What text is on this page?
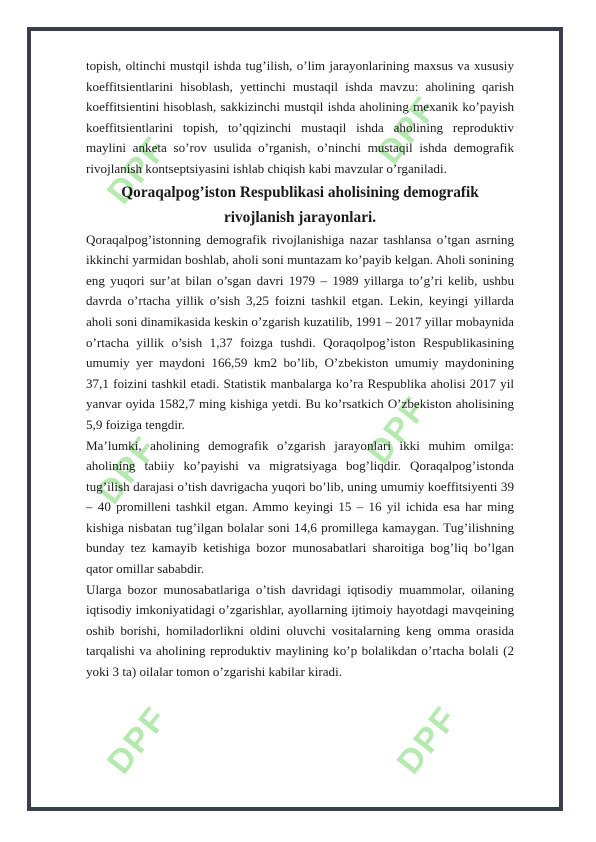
DPF	DPF
DPF	DPF
DPF	DPF

topish, oltinchi mustqil ishda tug’ilish, o’lim jarayonlarining maxsus va xususiy koeffitsientlarini hisoblash, yettinchi mustaqil ishda mavzu: aholining qarish koeffitsientini hisoblash, sakkizinchi mustqil ishda aholining mexanik ko’payish koeffitsientlarini topish, to’qqizinchi mustaqil ishda aholining reproduktiv maylini anketa so’rov usulida o’rganish, o’ninchi mustaqil ishda demografik rivojlanish kontseptsiyasini ishlab chiqish kabi mavzular o’rganiladi.

Qoraqalpog’iston Respublikasi aholisining demografik rivojlanish jarayonlari.

Qoraqalpog’istonning demografik rivojlanishiga nazar tashlansa o’tgan asrning ikkinchi yarmidan boshlab, aholi soni muntazam ko’payib kelgan. Aholi sonining eng yuqori sur’at bilan o’sgan davri 1979 – 1989 yillarga to’g’ri kelib, ushbu davrda o’rtacha yillik o’sish 3,25 foizni tashkil etgan. Lekin, keyingi yillarda aholi soni dinamikasida keskin o’zgarish kuzatilib, 1991 – 2017 yillar mobaynida o’rtacha yillik o’sish 1,37 foizga tushdi. Qoraqolpog’iston Respublikasining umumiy yer maydoni 166,59 km2 bo’lib, O’zbekiston umumiy maydonining 37,1 foizini tashkil etadi. Statistik manbalarga ko’ra Respublika aholisi 2017 yil yanvar oyida 1582,7 ming kishiga yetdi. Bu ko’rsatkich O’zbekiston aholisining 5,9 foiziga tengdir.

Ma’lumki, aholining demografik o’zgarish jarayonlari ikki muhim omilga: aholining tabiiy ko’payishi va migratsiyaga bog’liqdir. Qoraqalpog’istonda tug’ilish darajasi o’tish davrigacha yuqori bo’lib, uning umumiy koeffitsiyenti 39 – 40 promilleni tashkil etgan. Ammo keyingi 15 – 16 yil ichida esa har ming kishiga nisbatan tug’ilgan bolalar soni 14,6 promillega kamaygan. Tug’ilishning bunday tez kamayib ketishiga bozor munosabatlari sharoitiga bog’liq bo’lgan qator omillar sababdir.

Ularga bozor munosabatlariga o’tish davridagi iqtisodiy muammolar, oilaning iqtisodiy imkoniyatidagi o’zgarishlar, ayollarning ijtimoiy hayotdagi mavqeining oshib borishi, homiladorlikni oldini oluvchi vositalarning keng omma orasida tarqalishi va aholining reproduktiv maylining ko’p bolalikdan o’rtacha bolali (2 yoki 3 ta) oilalar tomon o’zgarishi kabilar kiradi.
